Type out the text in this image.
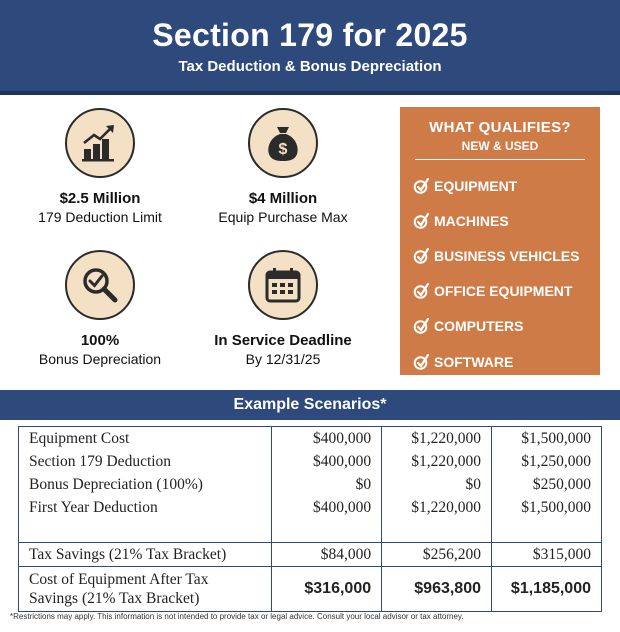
Section 179 for 2025
Tax Deduction & Bonus Depreciation
$2.5 Million
179 Deduction Limit
$
$4 Million
Equip Purchase Max
100%
Bonus Depreciation
In Service Deadline
By 12/31/25
WHAT QUALIFIES?
NEW & USED
EQUIPMENT
MACHINES
BUSINESS VEHICLES
OFFICE EQUIPMENT
COMPUTERS
SOFTWARE
Example Scenarios*
Equipment Cost	$400,000	$1,220,000	$1,500,000
Section 179 Deduction	$400,000	$1,220,000	$1,250,000
Bonus Depreciation (100%)	$0	$0	$250,000
First Year Deduction	$400,000	$1,220,000	$1,500,000

Tax Savings (21% Tax Bracket)	$84,000	$256,200	$315,000

Cost of Equipment After Tax
Savings (21% Tax Bracket)	$316,000	$963,800	$1,185,000
*Restrictions may apply. This information is not intended to provide tax or legal advice. Consult your local advisor or tax attorney.
